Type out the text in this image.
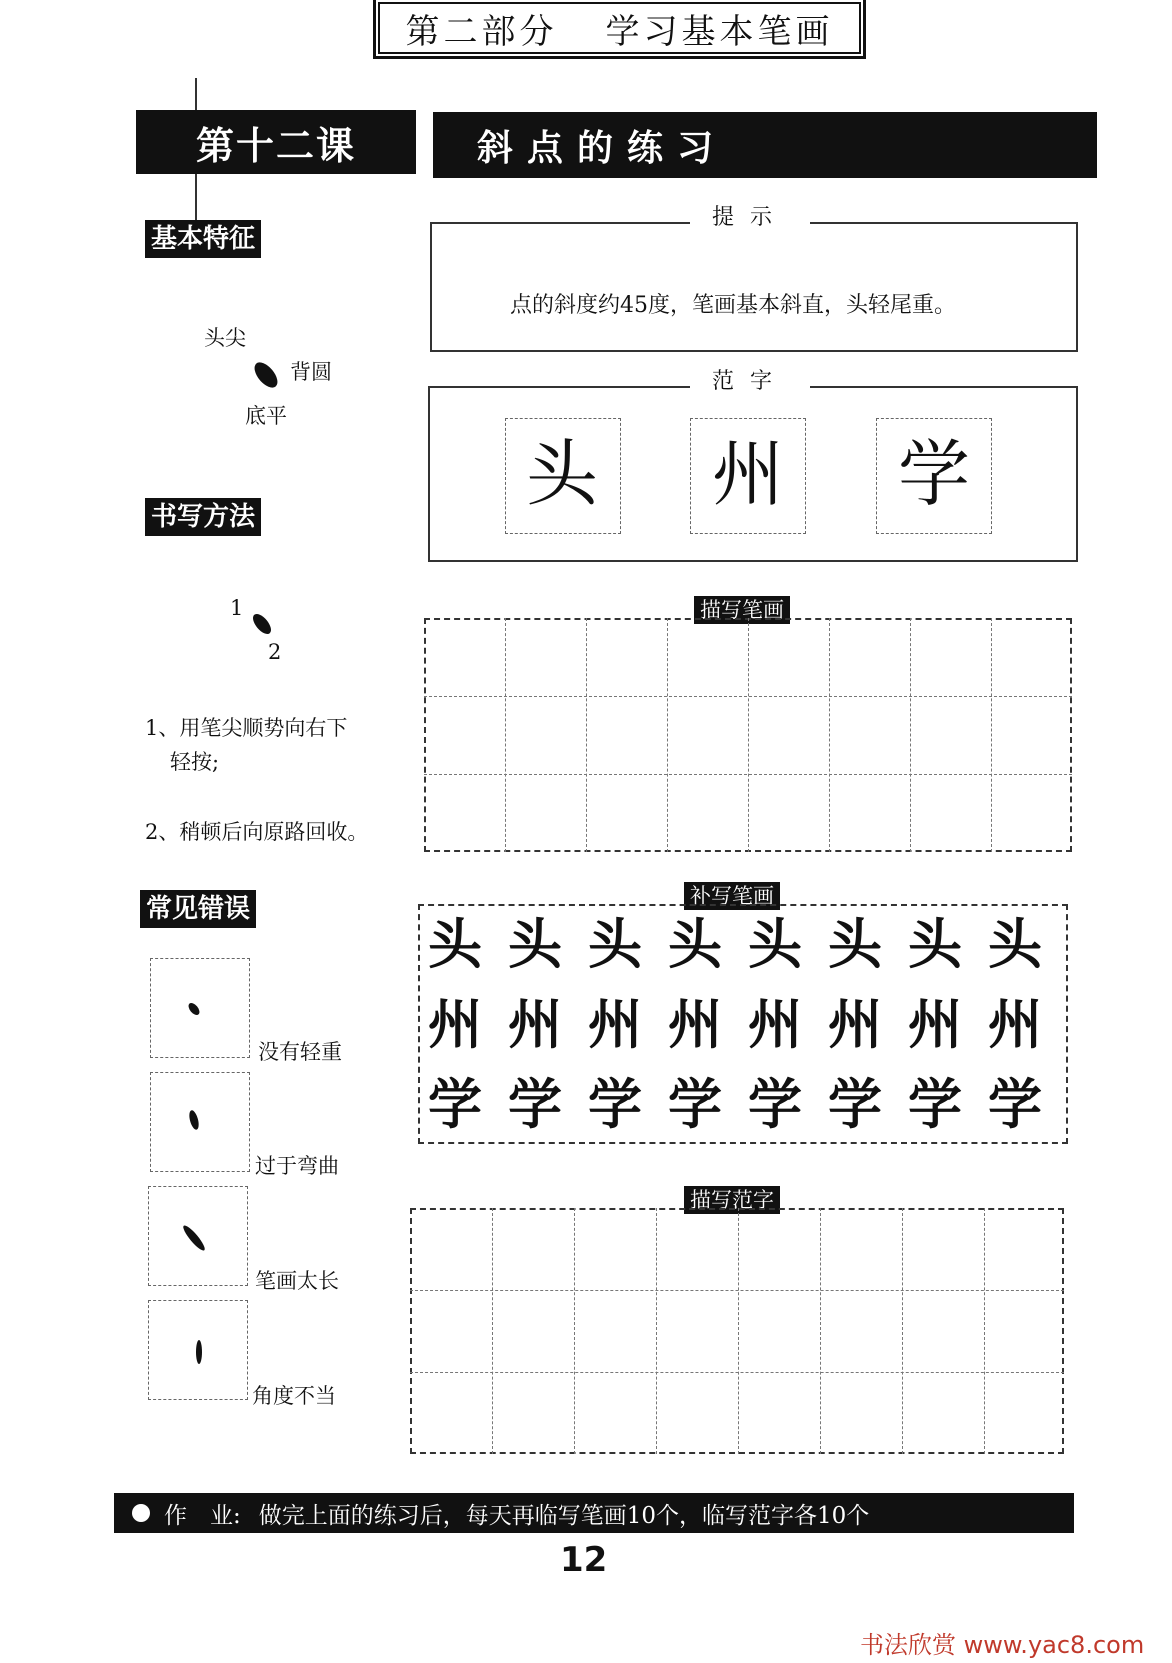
第二部分 学习基本笔画
第十二课	斜点的练习
基本特征
头尖
背圆
底平
书写方法
1
2
1、用笔尖顺势向右下
轻按;
2、稍顿后向原路回收。
常见错误
没有轻重
过于弯曲
笔画太长
角度不当
提示
点的斜度约45度，笔画基本斜直，头轻尾重。
范字
头 州 学
描写笔画
补写笔画
头 头 头 头 头 头 头 头
州 州 州 州 州 州 州 州
学 学 学 学 学 学 学 学
描写范字
作　业: 做完上面的练习后，每天再临写笔画10个，临写范字各10个
12
书法欣赏 www.yac8.com
